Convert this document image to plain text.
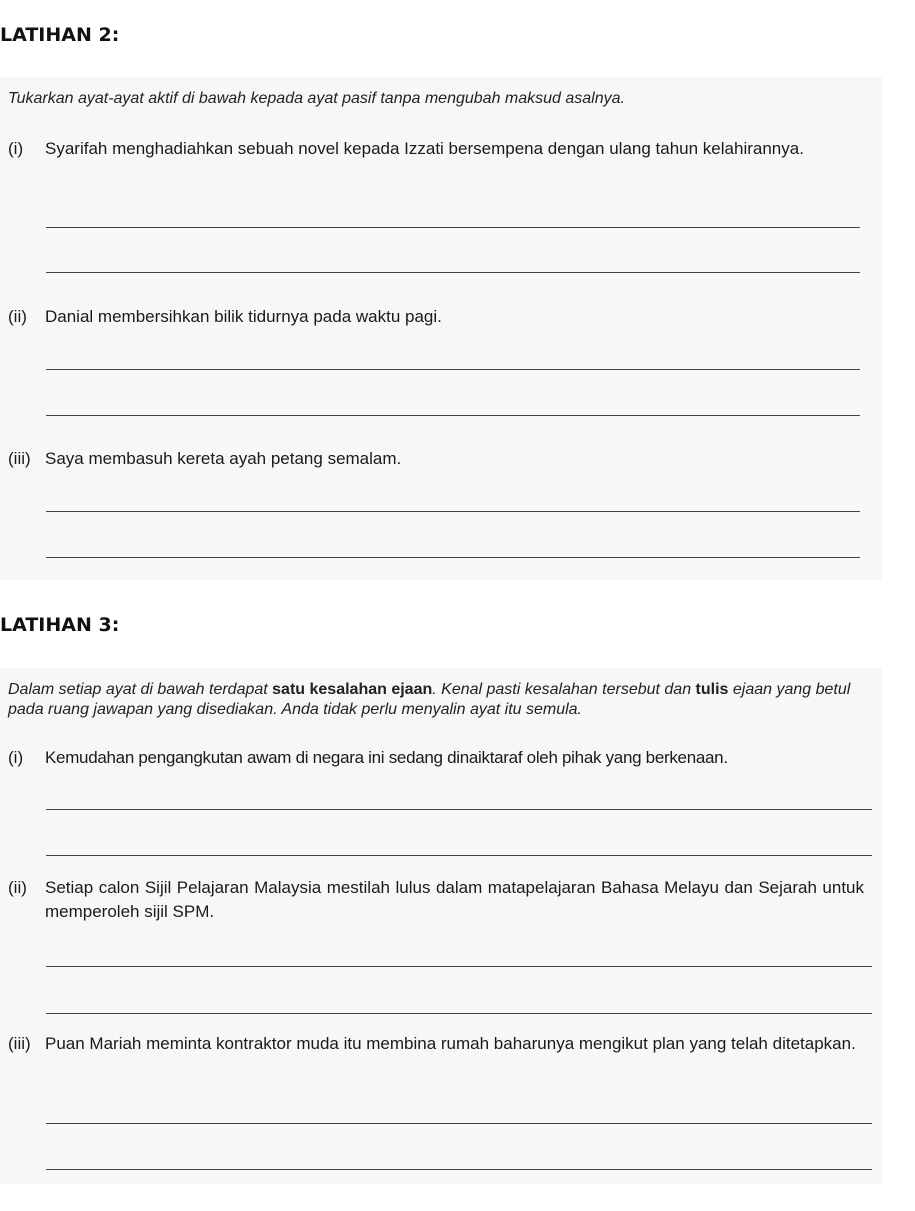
LATIHAN 2:

Tukarkan ayat-ayat aktif di bawah kepada ayat pasif tanpa mengubah maksud asalnya.

(i)	Syarifah menghadiahkan sebuah novel kepada Izzati bersempena dengan ulang tahun kelahirannya.
(ii)	Danial membersihkan bilik tidurnya pada waktu pagi.
(iii) Saya membasuh kereta ayah petang semalam.
LATIHAN 3:

Dalam setiap ayat di bawah terdapat satu kesalahan ejaan. Kenal pasti kesalahan tersebut dan tulis ejaan yang betul pada ruang jawapan yang disediakan. Anda tidak perlu menyalin ayat itu semula.

(i)	Kemudahan pengangkutan awam di negara ini sedang dinaiktaraf oleh pihak yang berkenaan.
(ii)	Setiap calon Sijil Pelajaran Malaysia mestilah lulus dalam matapelajaran Bahasa Melayu dan Sejarah untuk memperoleh sijil SPM.
(iii) Puan Mariah meminta kontraktor muda itu membina rumah baharunya mengikut plan yang telah ditetapkan.
